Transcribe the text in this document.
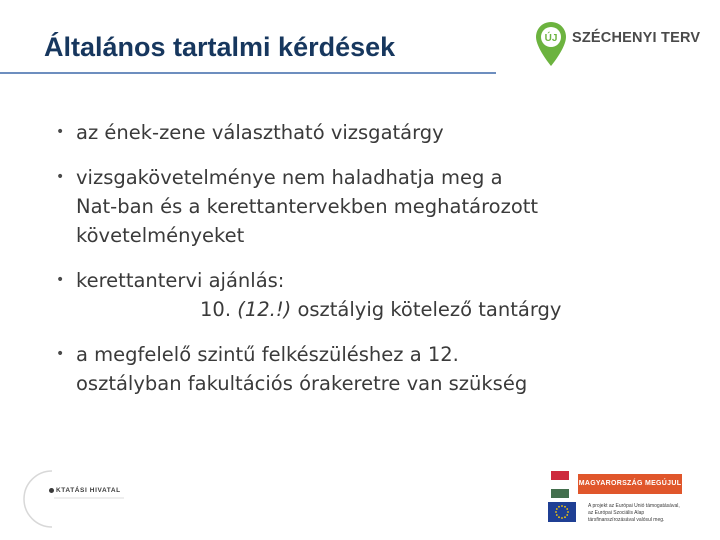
Általános tartalmi kérdések	ÚJ SZÉCHENYI TERV
• az ének-zene választható vizsgatárgy
• vizsgakövetelménye nem haladhatja meg a
Nat-ban és a kerettantervekben meghatározott
követelményeket
• kerettantervi ajánlás:
10. (12.!) osztályig kötelező tantárgy
• a megfelelő szintű felkészüléshez a 12.
osztályban fakultációs órakeretre van szükség
KTATÁSI HIVATAL
MAGYARORSZÁG MEGÚJUL
A projekt az Európai Unió támogatásával,
az Európai Szociális Alap
társfinanszírozásával valósul meg.
